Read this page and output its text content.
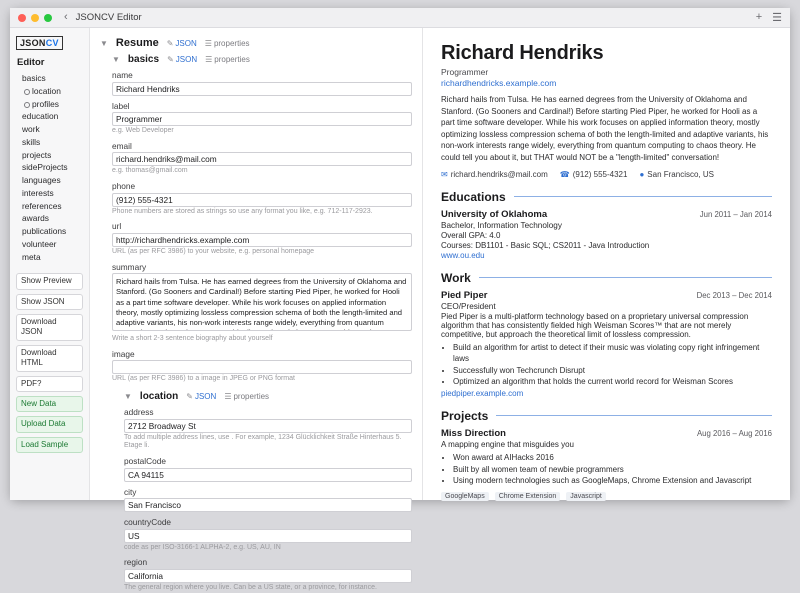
‹ JSONCV Editor	+ ☰
JSONCV
Editor
basics
location
profiles
education
work
skills
projects
sideProjects
languages
interests
references
awards
publications
volunteer
meta
Show Preview
Show JSON
Download JSON
Download HTML
PDF?
New Data
Upload Data
Load Sample
▼ Resume ✎ JSON ☰ properties
▼ basics ✎ JSON ☰ properties
name
Richard Hendriks
label
Programmer
e.g. Web Developer
email
richard.hendriks@mail.com
e.g. thomas@gmail.com
phone
(912) 555-4321
Phone numbers are stored as strings so use any format you like, e.g. 712-117-2923.
url
http://richardhendricks.example.com
URL (as per RFC 3986) to your website, e.g. personal homepage
summary
Richard hails from Tulsa. He has earned degrees from the University of Oklahoma and Stanford. (Go Sooners and Cardinal!) Before starting Pied Piper, he worked for Hooli as a part time software developer. While his work focuses on applied information theory, mostly optimizing lossless compression schema of both the length-limited and adaptive variants, his non-work interests range widely, everything from quantum computing to chaos theory. He could tell you about it, but THAT would NOT be a "length-limited" conversation!
Write a short 2-3 sentence biography about yourself
image
URL (as per RFC 3986) to a image in JPEG or PNG format
▼ location ✎ JSON ☰ properties
address
2712 Broadway St
To add multiple address lines, use . For example, 1234 Glücklichkeit Straße Hinterhaus 5. Etage li.
postalCode
CA 94115
city
San Francisco
countryCode
US
code as per ISO-3166-1 ALPHA-2, e.g. US, AU, IN
region
California
The general region where you live. Can be a US state, or a province, for instance.
Richard Hendriks
Programmer
richardhendricks.example.com
Richard hails from Tulsa. He has earned degrees from the University of Oklahoma and Stanford. (Go Sooners and Cardinal!) Before starting Pied Piper, he worked for Hooli as a part time software developer. While his work focuses on applied information theory, mostly optimizing lossless compression schema of both the length-limited and adaptive variants, his non-work interests range widely, everything from quantum computing to chaos theory. He could tell you about it, but THAT would NOT be a "length-limited" conversation!
✉ richard.hendriks@mail.com ☎ (912) 555-4321 ● San Francisco, US
Educations
University of Oklahoma	Jun 2011 – Jan 2014
Bachelor, Information Technology
Overall GPA: 4.0
Courses: DB1101 - Basic SQL; CS2011 - Java Introduction
www.ou.edu
Work
Pied Piper	Dec 2013 – Dec 2014
CEO/President
Pied Piper is a multi-platform technology based on a proprietary universal compression algorithm that has consistently fielded high Weisman Scores™ that are not merely competitive, but approach the theoretical limit of lossless compression.
• Build an algorithm for artist to detect if their music was violating copy right infringement laws
• Successfully won Techcrunch Disrupt
• Optimized an algorithm that holds the current world record for Weisman Scores
piedpiper.example.com
Projects
Miss Direction	Aug 2016 – Aug 2016
A mapping engine that misguides you
• Won award at AIHacks 2016
• Built by all women team of newbie programmers
• Using modern technologies such as GoogleMaps, Chrome Extension and Javascript
GoogleMaps	Chrome Extension	Javascript
